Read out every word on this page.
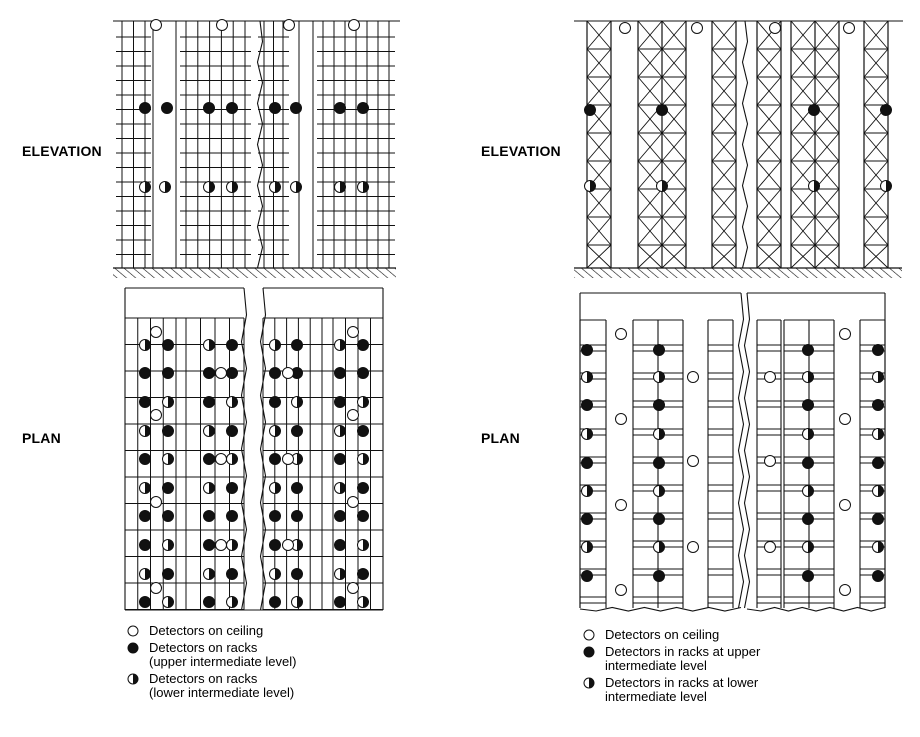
ELEVATION
PLAN
ELEVATION
PLAN
Detectors on ceiling
Detectors on racks
(upper intermediate level)
Detectors on racks
(lower intermediate level)
Detectors on ceiling
Detectors in racks at upper
intermediate level
Detectors in racks at lower
intermediate level
